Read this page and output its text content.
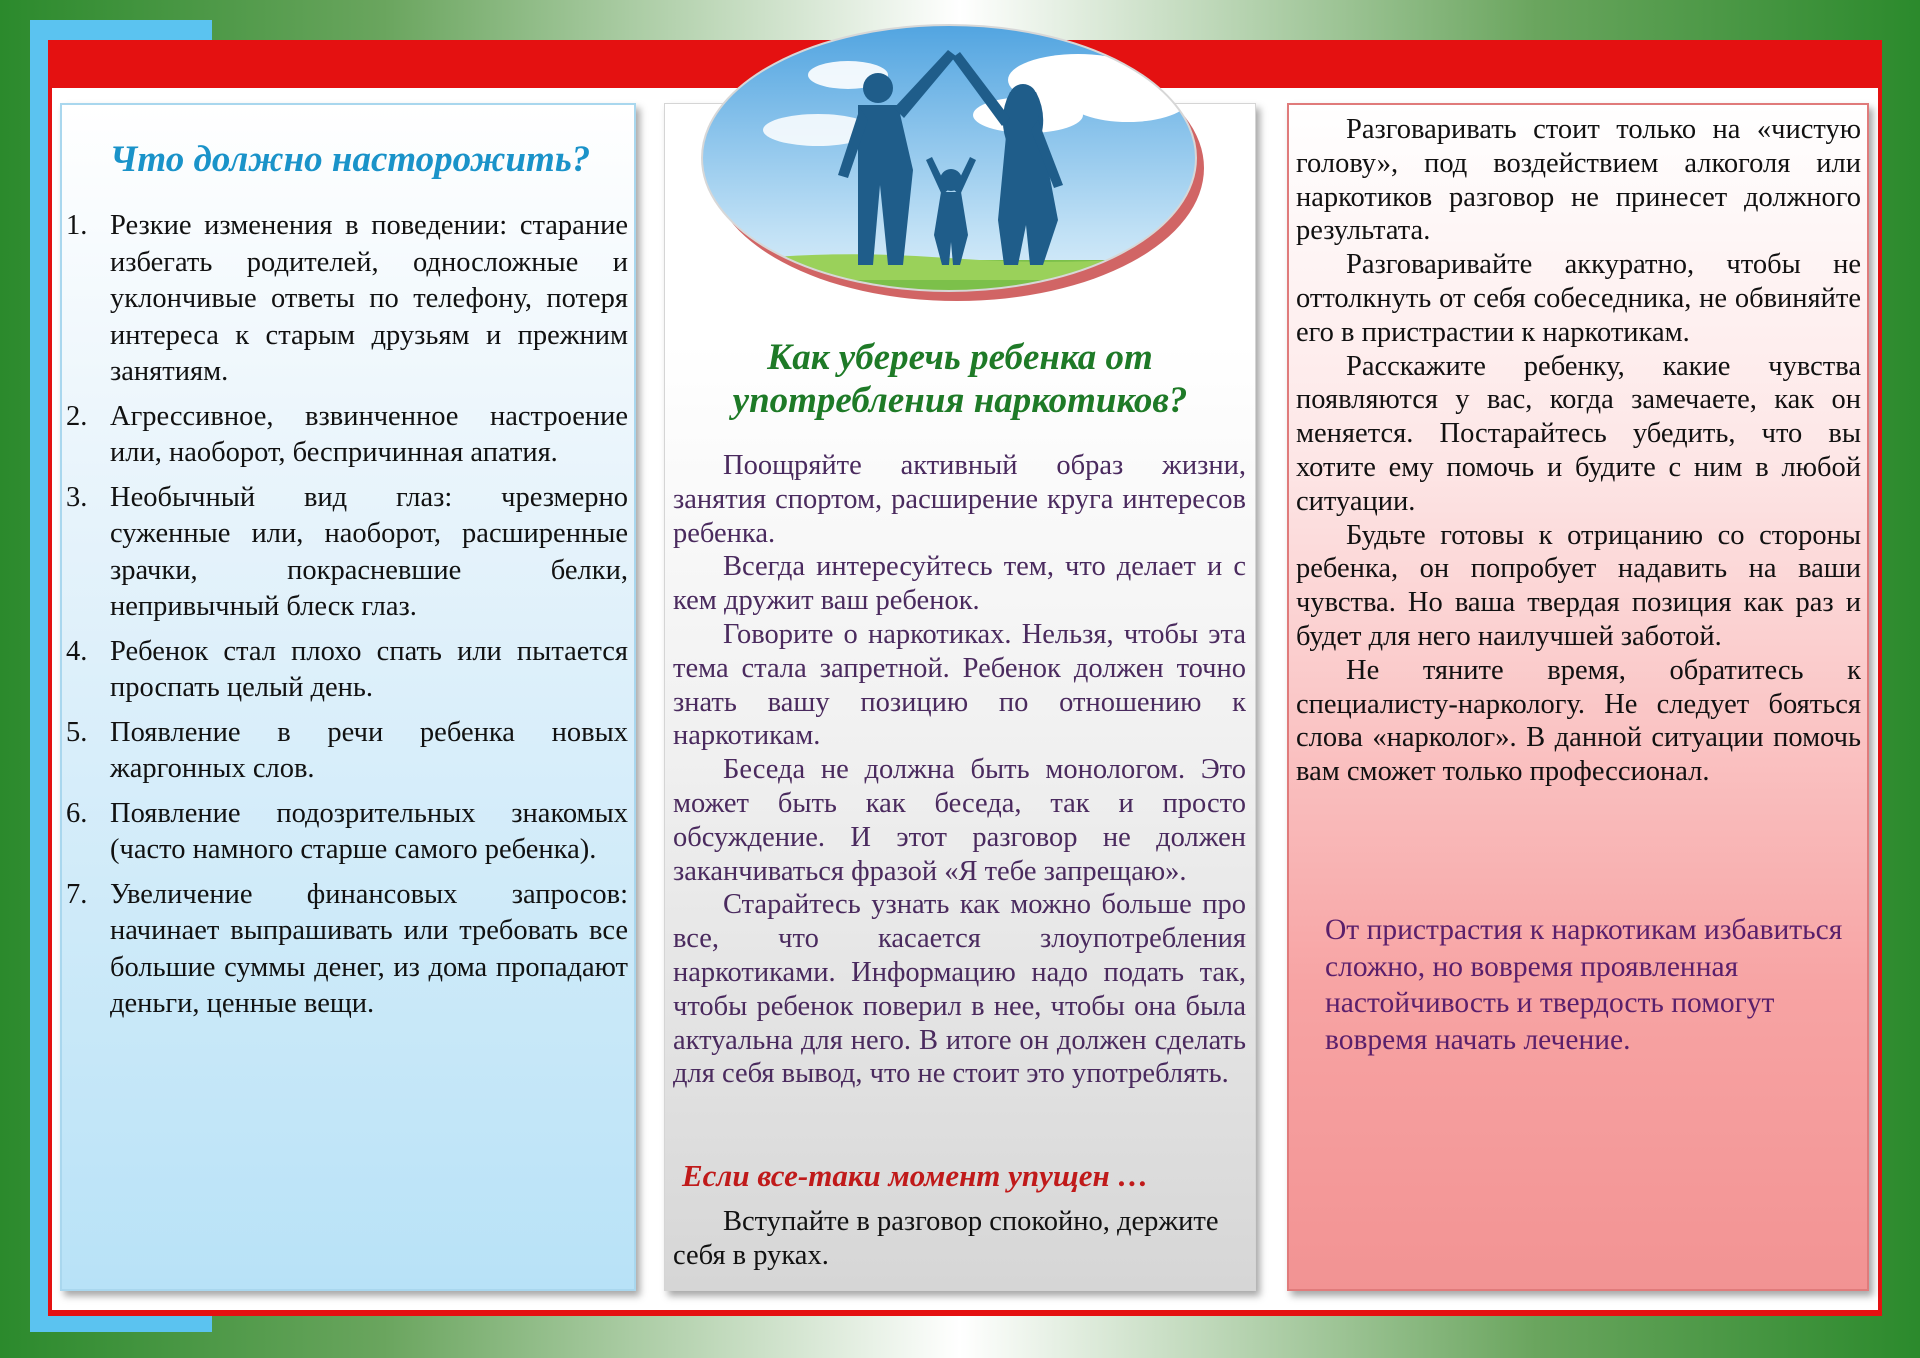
Что должно насторожить?
1. Резкие изменения в поведении: старание избегать родителей, односложные и уклончивые ответы по телефону, потеря интереса к старым друзьям и прежним занятиям.
2. Агрессивное, взвинченное настроение или, наоборот, беспричинная апатия.
3. Необычный вид глаз: чрезмерно суженные или, наоборот, расширенные зрачки, покрасневшие белки, непривычный блеск глаз.
4. Ребенок стал плохо спать или пытается проспать целый день.
5. Появление в речи ребенка новых жаргонных слов.
6. Появление подозрительных знакомых (часто намного старше самого ребенка).
7. Увеличение финансовых запросов: начинает выпрашивать или требовать все большие суммы денег, из дома пропадают деньги, ценные вещи.
Как уберечь ребенка от употребления наркотиков?

Поощряйте активный образ жизни, занятия спортом, расширение круга интересов ребенка.

Всегда интересуйтесь тем, что делает и с кем дружит ваш ребенок.

Говорите о наркотиках. Нельзя, чтобы эта тема стала запретной. Ребенок должен точно знать вашу позицию по отношению к наркотикам.

Беседа не должна быть монологом. Это может быть как беседа, так и просто обсуждение. И этот разговор не должен заканчиваться фразой «Я тебе запрещаю».

Старайтесь узнать как можно больше про все, что касается злоупотребления наркотиками. Информацию надо подать так, чтобы ребенок поверил в нее, чтобы она была актуальна для него. В итоге он должен сделать для себя вывод, что не стоит это употреблять.

Если все-таки момент упущен …

Вступайте в разговор спокойно, держите себя в руках.

Разговаривать стоит только на «чистую голову», под воздействием алкоголя или наркотиков разговор не принесет должного результата.

Разговаривайте аккуратно, чтобы не оттолкнуть от себя собеседника, не обвиняйте его в пристрастии к наркотикам.

Расскажите ребенку, какие чувства появляются у вас, когда замечаете, как он меняется. Постарайтесь убедить, что вы хотите ему помочь и будите с ним в любой ситуации.

Будьте готовы к отрицанию со стороны ребенка, он попробует надавить на ваши чувства. Но ваша твердая позиция как раз и будет для него наилучшей заботой.

Не тяните время, обратитесь к специалисту-наркологу. Не следует бояться слова «нарколог». В данной ситуации помочь вам сможет только профессионал.

От пристрастия к наркотикам избавиться сложно, но вовремя проявленная настойчивость и твердость помогут вовремя начать лечение.
